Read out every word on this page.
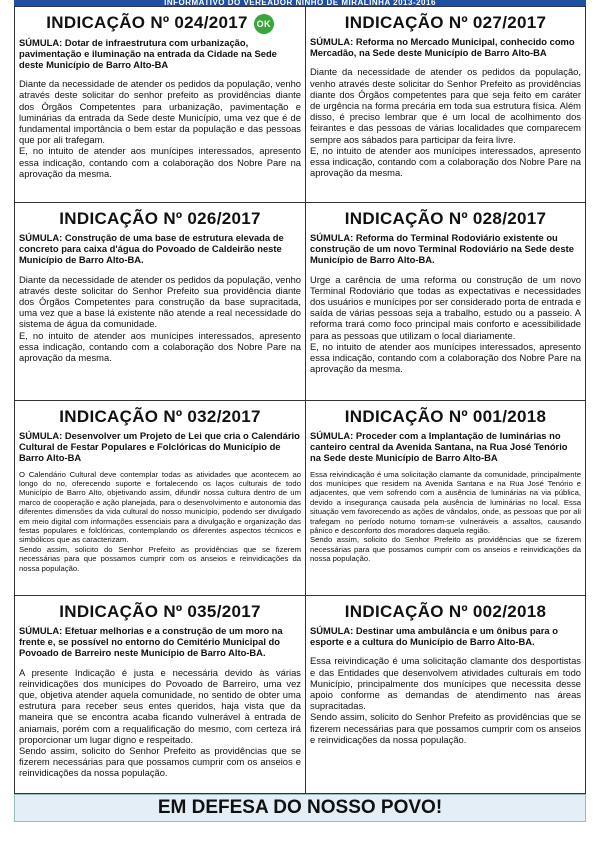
INFORMATIVO DO VEREADOR NINHO DE MIRALINHA 2013-2016
INDICAÇÃO Nº 024/2017 OK

SÚMULA: Dotar de infraestrutura com urbanização, pavimentação e iluminação na entrada da Cidade na Sede deste Município de Barro Alto-BA

Diante da necessidade de atender os pedidos da população, venho através deste solicitar do senhor prefeito as providências diante dos Órgãos Competentes para urbanização, pavimentação e luminárias da entrada da Sede deste Município, uma vez que é de fundamental importância o bem estar da população e das pessoas que por ali trafegam.
E, no intuito de atender aos munícipes interessados, apresento essa indicação, contando com a colaboração dos Nobre Pare na aprovação da mesma.
INDICAÇÃO Nº 027/2017

SÚMULA: Reforma no Mercado Municipal, conhecido como Mercadão, na Sede deste Município de Barro Alto-BA

Diante da necessidade de atender os pedidos da população, venho através deste solicitar do Senhor Prefeito as providências diante dos Órgãos competentes para que seja feito em caráter de urgência na forma precária em toda sua estrutura física. Além disso, é preciso lembrar que é um local de acolhimento dos feirantes e das pessoas de várias localidades que comparecem sempre aos sábados para participar da feira livre.
E, no intuito de atender aos munícipes interessados, apresento essa indicação, contando com a colaboração dos Nobre Pare na aprovação da mesma.
INDICAÇÃO Nº 026/2017

SÚMULA: Construção de uma base de estrutura elevada de concreto para caixa d'água do Povoado de Caldeirão neste Município de Barro Alto-BA.

Diante da necessidade de atender os pedidos da população, venho através deste solicitar do Senhor Prefeito sua providência diante dos Órgãos Competentes para construção da base supracitada, uma vez que a base lá existente não atende a real necessidade do sistema de água da comunidade.
E, no intuito de atender aos munícipes interessados, apresento essa indicação, contando com a colaboração dos Nobre Pare na aprovação da mesma.
INDICAÇÃO Nº 028/2017

SÚMULA: Reforma do Terminal Rodoviário existente ou construção de um novo Terminal Rodoviário na Sede deste Município de Barro Alto-BA.

Urge a carência de uma reforma ou construção de um novo Terminal Rodoviário que todas as expectativas e necessidades dos usuários e munícipes por ser considerado porta de entrada e saída de várias pessoas seja a trabalho, estudo ou a passeio. A reforma trará como foco principal mais conforto e acessibilidade para as pessoas que utilizam o local diariamente.
E, no intuito de atender aos munícipes interessados, apresento essa indicação, contando com a colaboração dos Nobre Pare na aprovação da mesma.
INDICAÇÃO Nº 032/2017

SÚMULA: Desenvolver um Projeto de Lei que cria o Calendário Cultural de Festar Populares e Folclóricas do Município de Barro Alto-BA

O Calendário Cultural deve contemplar todas as atividades que acontecem ao longo do no, oferecendo suporte e fortalecendo os laços culturais de todo Município de Barro Alto, objetivando assim, difundir nossa cultura dentro de um marco de cooperação e ação planejada, para o desenvolvimento e autonomia das diferentes dimensões da vida cultural do nosso município, podendo ser divulgado em meio digital com informações essenciais para a divulgação e organização das festas populares e folclóricas, contemplando os diferentes aspectos técnicos e simbólicos que as caracterizam.
Sendo assim, solicito do Senhor Prefeito as providências que se fizerem necessárias para que possamos cumprir com os anseios e reinvidicações da nossa população.
INDICAÇÃO Nº 001/2018

SÚMULA: Proceder com a Implantação de luminárias no canteiro central da Avenida Santana, na Rua José Tenório na Sede deste Município de Barro Alto-BA

Essa reivindicação é uma solicitação clamante da comunidade, principalmente dos munícipes que residem na Avenida Santana e na Rua José Tenório e adjacentes, que vem sofrendo com a ausência de luminárias na via pública, devido a insegurança causada pela ausência de luminárias no local. Essa situação vem favorecendo as ações de vândalos, onde, as pessoas que por ali trafegam no período noturno tornam-se vulneráveis a assaltos, causando pânico e desconforto dos moradores daquela região.
Sendo assim, solicito do Senhor Prefeito as providências que se fizerem necessárias para que possamos cumprir com os anseios e reinvidicações da nossa população.
INDICAÇÃO Nº 035/2017

SÚMULA: Efetuar melhorias e a construção de um moro na frente e, se possível no entorno do Cemitério Municipal do Povoado de Barreiro neste Município de Barro Alto-BA.

A presente Indicação é justa e necessária devido às várias reinvidicações dos munícipes do Povoado de Barreiro, uma vez que, objetiva atender aquela comunidade, no sentido de obter uma estrutura para receber seus entes queridos, haja vista que da maneira que se encontra acaba ficando vulnerável à entrada de aniamais, porém com a requalificação do mesmo, com certeza irá proporcionar um lugar digno e respeitado.
Sendo assim, solicito do Senhor Prefeito as providências que se fizerem necessárias para que possamos cumprir com os anseios e reinvidicações da nossa população.
INDICAÇÃO Nº 002/2018

SÚMULA: Destinar uma ambulância e um ônibus para o esporte e a cultura do Município de Barro Alto-BA.

Essa reivindicação é uma solicitação clamante dos desportistas e das Entidades que desenvolvem atividades culturais em todo Município, principalmente dos munícipes que necessita desse apoio conforme as demandas de atendimento nas áreas supracitadas.
Sendo assim, solicito do Senhor Prefeito as providências que se fizerem necessárias para que possamos cumprir com os anseios e reinvidicações da nossa população.
EM DEFESA DO NOSSO POVO!
